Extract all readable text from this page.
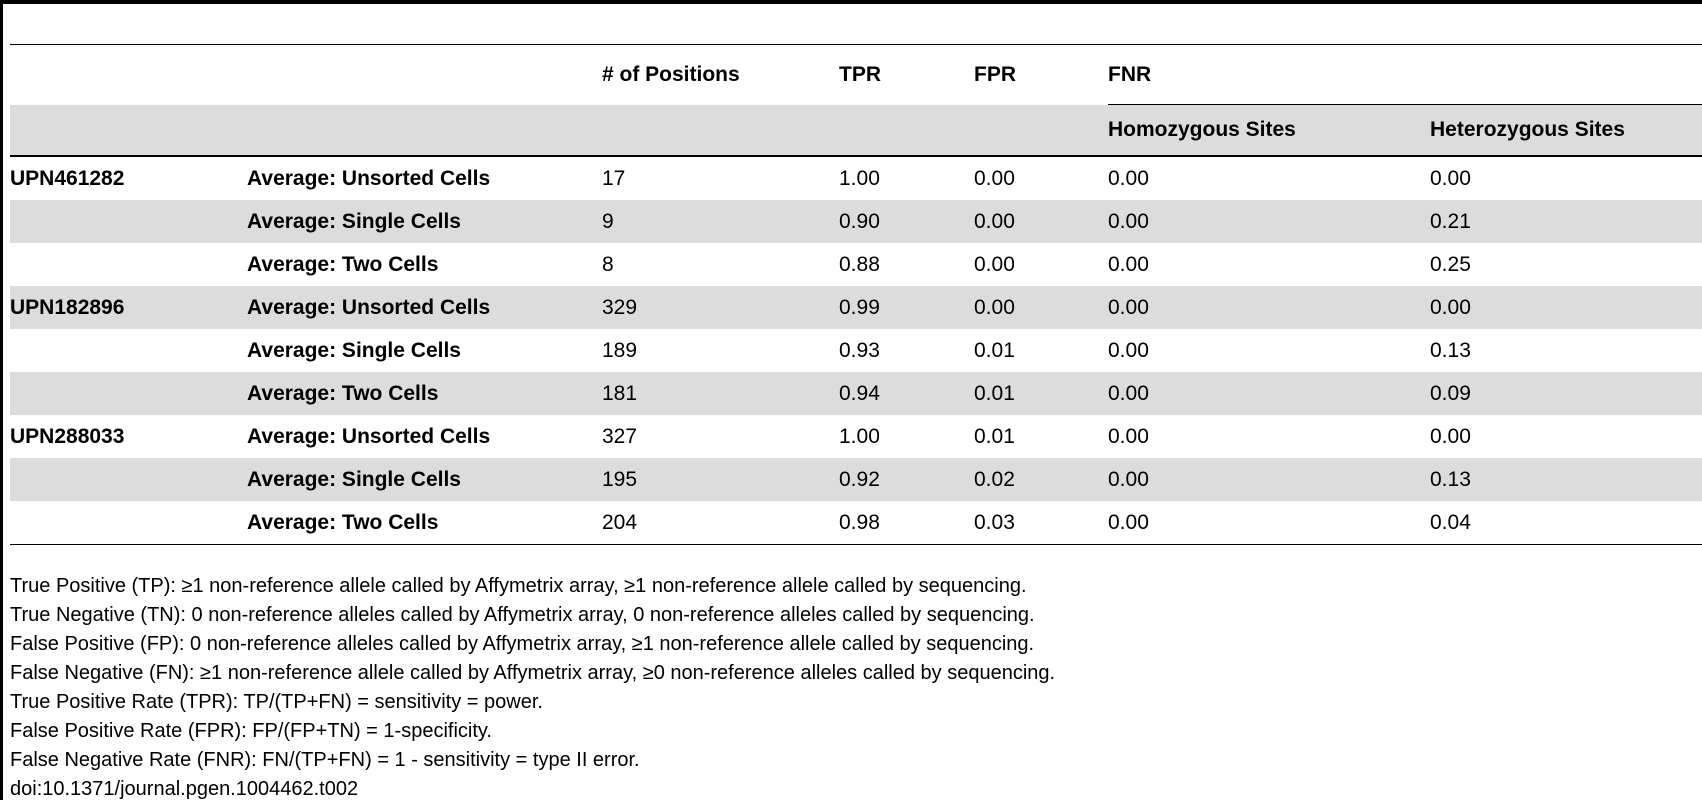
		# of Positions	TPR	FPR	FNR	

					Homozygous Sites	Heterozygous Sites
UPN461282	Average: Unsorted Cells	17	1.00	0.00	0.00	0.00
	Average: Single Cells	9	0.90	0.00	0.00	0.21
	Average: Two Cells	8	0.88	0.00	0.00	0.25
UPN182896	Average: Unsorted Cells	329	0.99	0.00	0.00	0.00
	Average: Single Cells	189	0.93	0.01	0.00	0.13
	Average: Two Cells	181	0.94	0.01	0.00	0.09
UPN288033	Average: Unsorted Cells	327	1.00	0.01	0.00	0.00
	Average: Single Cells	195	0.92	0.02	0.00	0.13
	Average: Two Cells	204	0.98	0.03	0.00	0.04
True Positive (TP): ≥1 non-reference allele called by Affymetrix array, ≥1 non-reference allele called by sequencing.
True Negative (TN): 0 non-reference alleles called by Affymetrix array, 0 non-reference alleles called by sequencing.
False Positive (FP): 0 non-reference alleles called by Affymetrix array, ≥1 non-reference allele called by sequencing.
False Negative (FN): ≥1 non-reference allele called by Affymetrix array, ≥0 non-reference alleles called by sequencing.
True Positive Rate (TPR): TP/(TP+FN) = sensitivity = power.
False Positive Rate (FPR): FP/(FP+TN) = 1-specificity.
False Negative Rate (FNR): FN/(TP+FN) = 1 - sensitivity = type II error.
doi:10.1371/journal.pgen.1004462.t002
